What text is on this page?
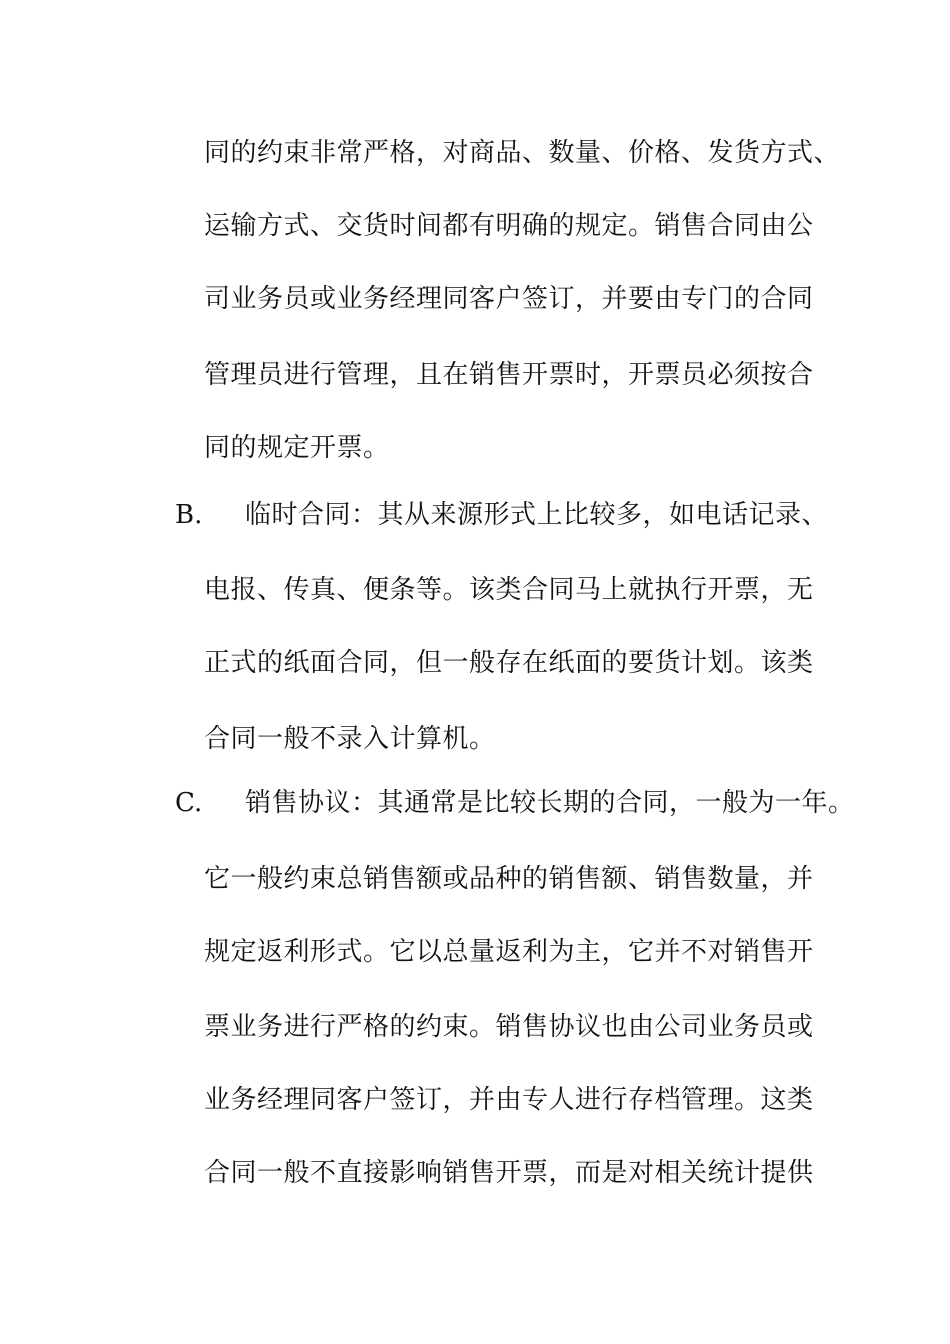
同的约束非常严格，对商品、数量、价格、发货方式、
运输方式、交货时间都有明确的规定。销售合同由公
司业务员或业务经理同客户签订，并要由专门的合同
管理员进行管理，且在销售开票时，开票员必须按合
同的规定开票。
B. 临时合同：其从来源形式上比较多，如电话记录、
电报、传真、便条等。该类合同马上就执行开票，无
正式的纸面合同，但一般存在纸面的要货计划。该类
合同一般不录入计算机。
C. 销售协议：其通常是比较长期的合同，一般为一年。
它一般约束总销售额或品种的销售额、销售数量，并
规定返利形式。它以总量返利为主，它并不对销售开
票业务进行严格的约束。销售协议也由公司业务员或
业务经理同客户签订，并由专人进行存档管理。这类
合同一般不直接影响销售开票，而是对相关统计提供
